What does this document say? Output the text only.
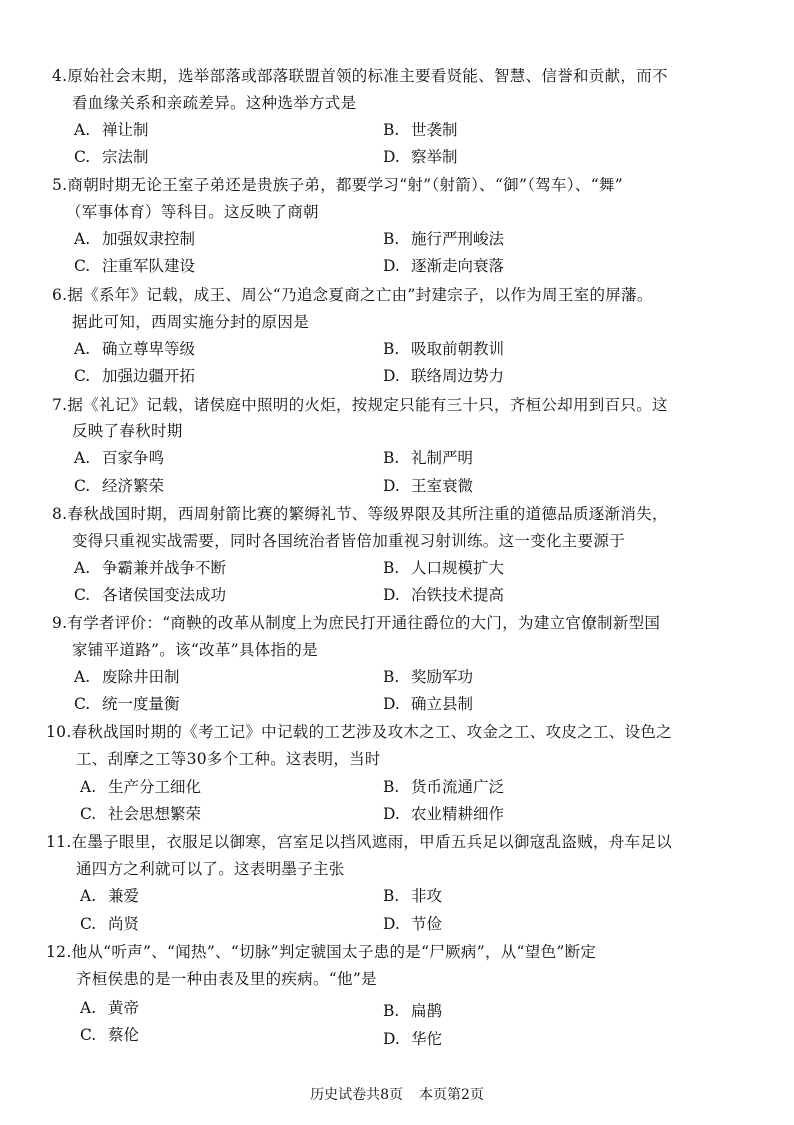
4.原始社会末期，选举部落或部落联盟首领的标准主要看贤能、智慧、信誉和贡献，而不
看血缘关系和亲疏差异。这种选举方式是
A. 禅让制	B. 世袭制
C. 宗法制	D. 察举制
5.商朝时期无论王室子弟还是贵族子弟，都要学习“射”（射箭）、“御”（驾车）、“舞”
（军事体育）等科目。这反映了商朝
A. 加强奴隶控制	B. 施行严刑峻法
C. 注重军队建设	D. 逐渐走向衰落
6.据《系年》记载，成王、周公“乃追念夏商之亡由”封建宗子，以作为周王室的屏藩。
据此可知，西周实施分封的原因是
A. 确立尊卑等级	B. 吸取前朝教训
C. 加强边疆开拓	D. 联络周边势力
7.据《礼记》记载，诸侯庭中照明的火炬，按规定只能有三十只，齐桓公却用到百只。这
反映了春秋时期
A. 百家争鸣	B. 礼制严明
C. 经济繁荣	D. 王室衰微
8.春秋战国时期，西周射箭比赛的繁缛礼节、等级界限及其所注重的道德品质逐渐消失，
变得只重视实战需要，同时各国统治者皆倍加重视习射训练。这一变化主要源于
A. 争霸兼并战争不断	B. 人口规模扩大
C. 各诸侯国变法成功	D. 冶铁技术提高
9.有学者评价：“商鞅的改革从制度上为庶民打开通往爵位的大门，为建立官僚制新型国
家铺平道路”。该“改革”具体指的是
A. 废除井田制	B. 奖励军功
C. 统一度量衡	D. 确立县制
10.春秋战国时期的《考工记》中记载的工艺涉及攻木之工、攻金之工、攻皮之工、设色之
工、刮摩之工等30多个工种。这表明，当时
A. 生产分工细化	B. 货币流通广泛
C. 社会思想繁荣	D. 农业精耕细作
11.在墨子眼里，衣服足以御寒，宫室足以挡风遮雨，甲盾五兵足以御寇乱盗贼，舟车足以
通四方之利就可以了。这表明墨子主张
A. 兼爱	B. 非攻
C. 尚贤	D. 节俭
12.他从“听声”、“闻热”、“切脉”判定虢国太子患的是“尸厥病”，从“望色”断定
齐桓侯患的是一种由表及里的疾病。“他”是
A. 黄帝	B. 扁鹊
C. 蔡伦	D. 华佗
历史试卷共8页 本页第2页
